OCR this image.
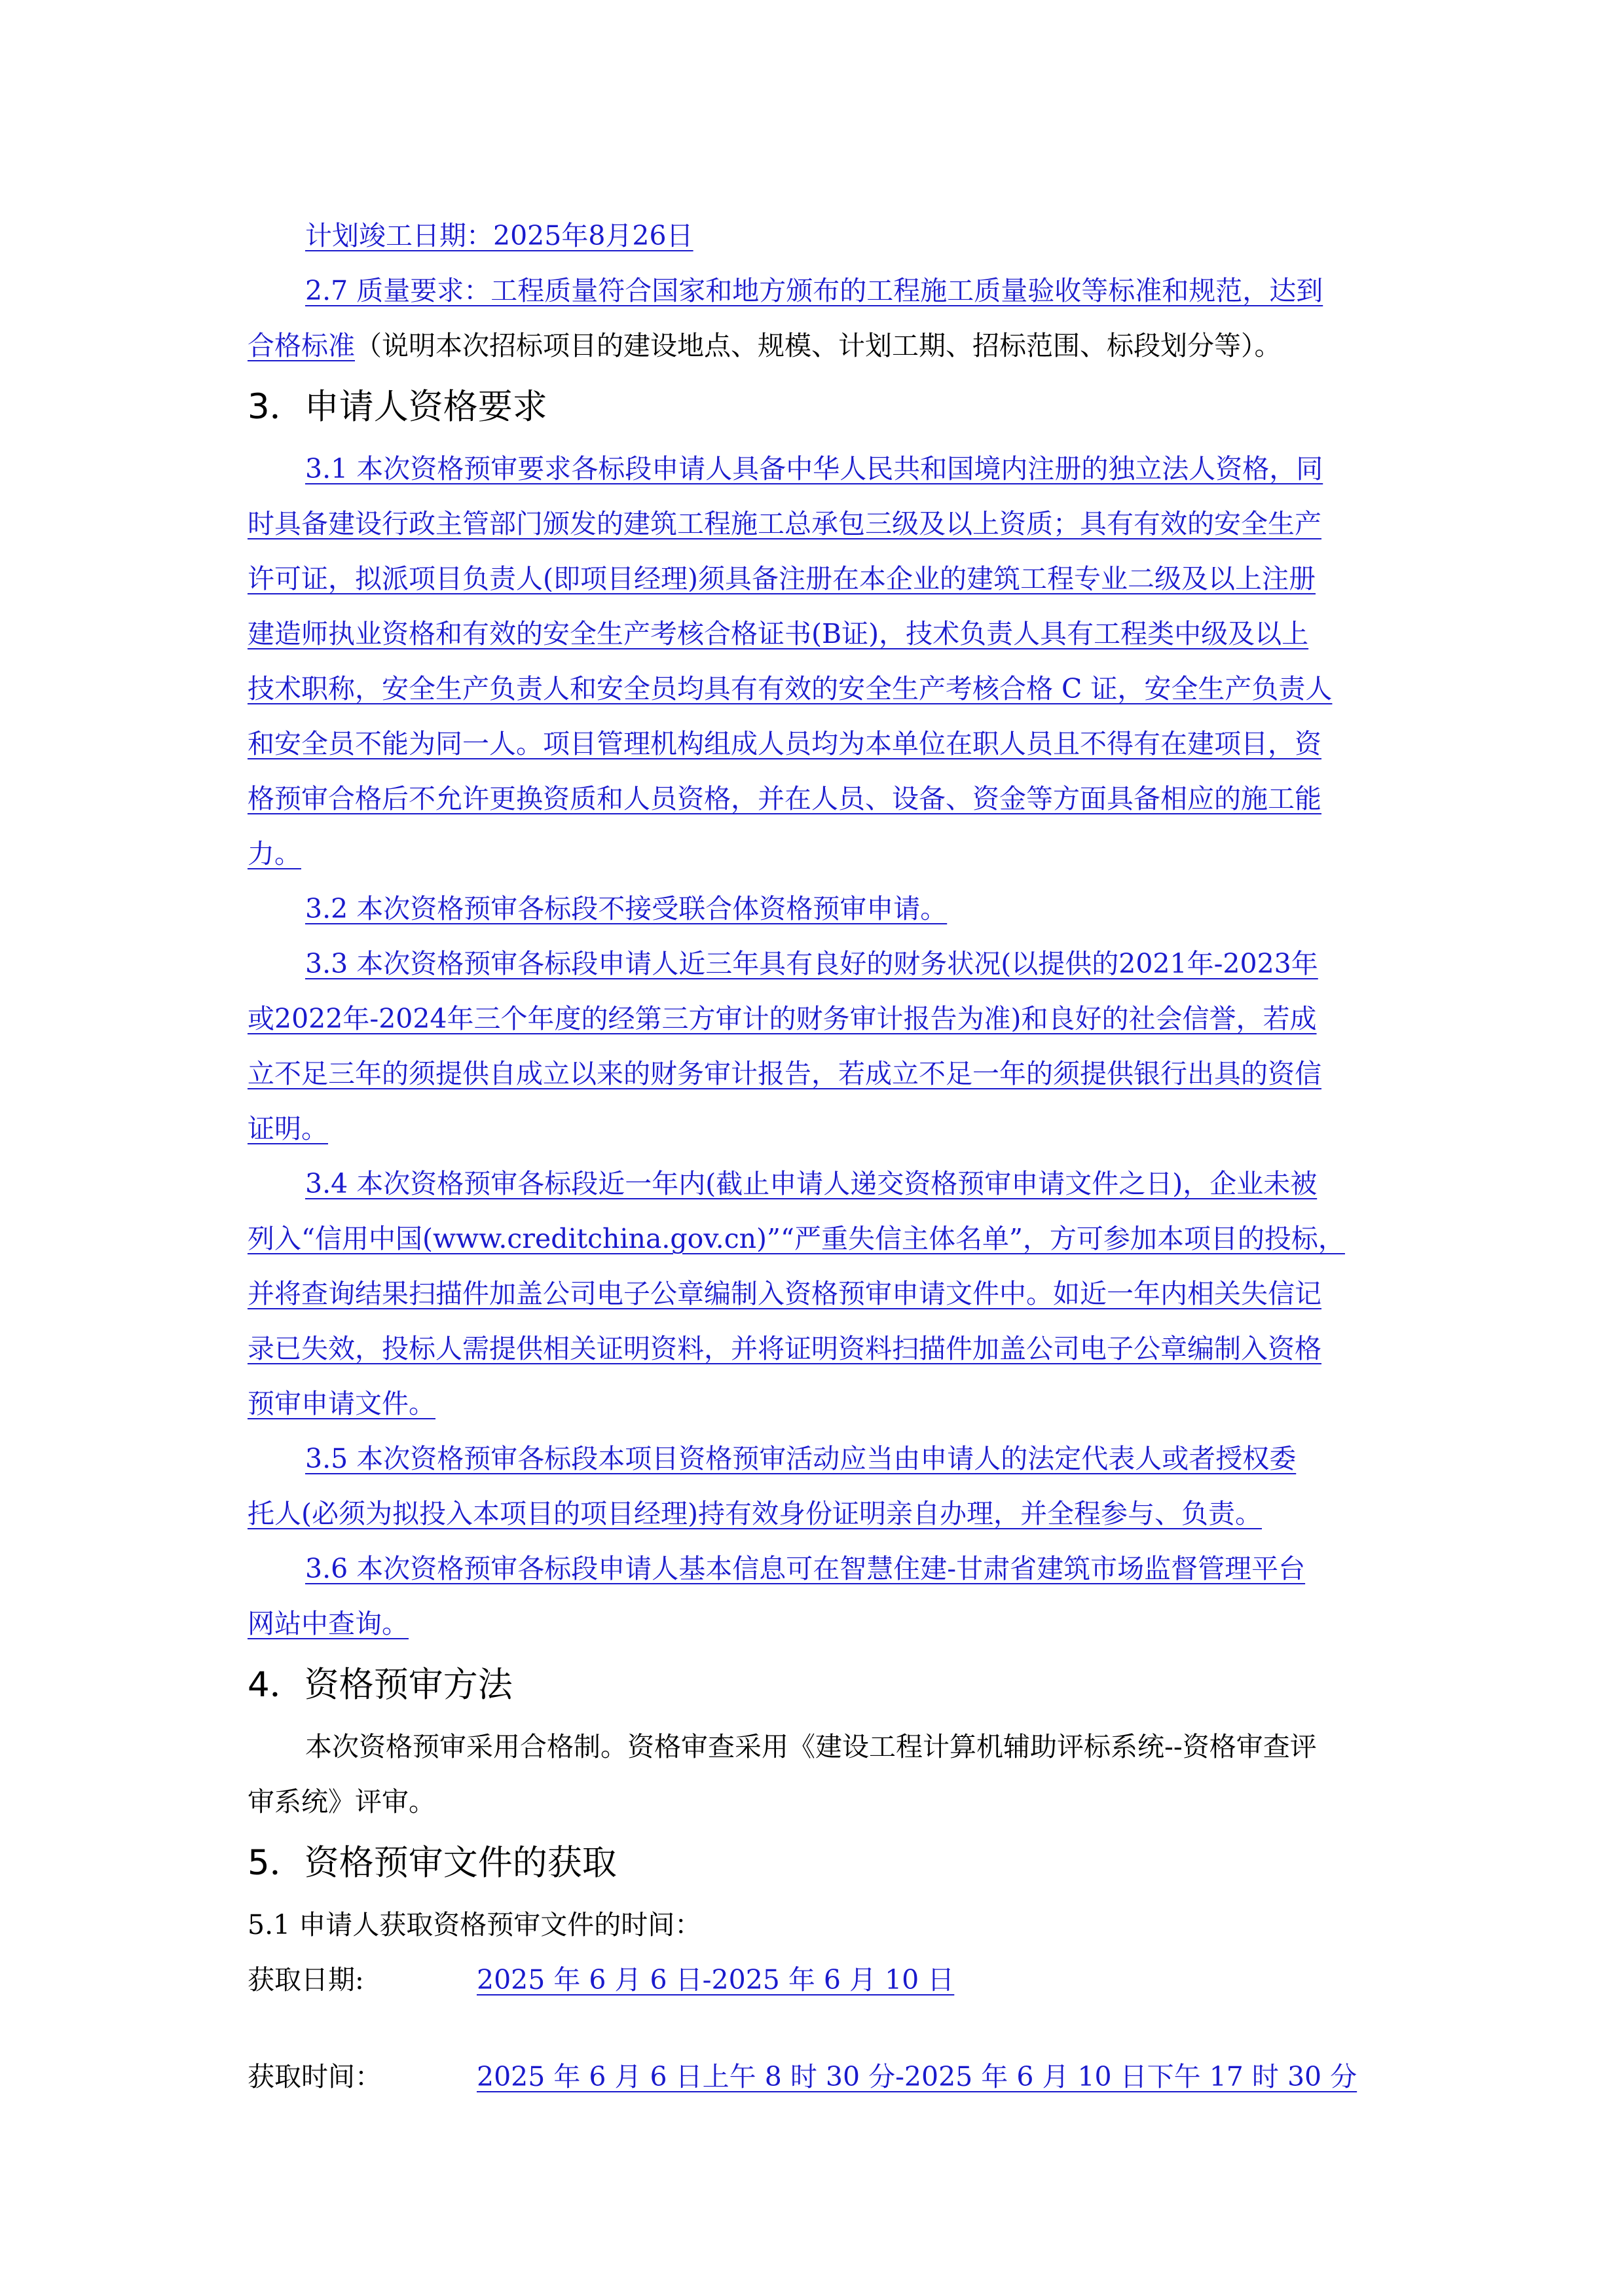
计划竣工日期：2025年8月26日
2.7 质量要求：工程质量符合国家和地方颁布的工程施工质量验收等标准和规范，达到
合格标准（说明本次招标项目的建设地点、规模、计划工期、招标范围、标段划分等）。
3．申请人资格要求
3.1 本次资格预审要求各标段申请人具备中华人民共和国境内注册的独立法人资格，同
时具备建设行政主管部门颁发的建筑工程施工总承包三级及以上资质；具有有效的安全生产
许可证，拟派项目负责人(即项目经理)须具备注册在本企业的建筑工程专业二级及以上注册
建造师执业资格和有效的安全生产考核合格证书(B证)，技术负责人具有工程类中级及以上
技术职称，安全生产负责人和安全员均具有有效的安全生产考核合格 C 证，安全生产负责人
和安全员不能为同一人。项目管理机构组成人员均为本单位在职人员且不得有在建项目，资
格预审合格后不允许更换资质和人员资格，并在人员、设备、资金等方面具备相应的施工能
力。
3.2 本次资格预审各标段不接受联合体资格预审申请。
3.3 本次资格预审各标段申请人近三年具有良好的财务状况(以提供的2021年-2023年
或2022年-2024年三个年度的经第三方审计的财务审计报告为准)和良好的社会信誉，若成
立不足三年的须提供自成立以来的财务审计报告，若成立不足一年的须提供银行出具的资信
证明。
3.4 本次资格预审各标段近一年内(截止申请人递交资格预审申请文件之日)，企业未被
列入“信用中国(www.creditchina.gov.cn)”“严重失信主体名单”，方可参加本项目的投标，
并将查询结果扫描件加盖公司电子公章编制入资格预审申请文件中。如近一年内相关失信记
录已失效，投标人需提供相关证明资料，并将证明资料扫描件加盖公司电子公章编制入资格
预审申请文件。
3.5 本次资格预审各标段本项目资格预审活动应当由申请人的法定代表人或者授权委
托人(必须为拟投入本项目的项目经理)持有效身份证明亲自办理，并全程参与、负责。
3.6 本次资格预审各标段申请人基本信息可在智慧住建-甘肃省建筑市场监督管理平台
网站中查询。
4．资格预审方法
本次资格预审采用合格制。资格审查采用《建设工程计算机辅助评标系统--资格审查评
审系统》评审。
5．资格预审文件的获取
5.1 申请人获取资格预审文件的时间：
获取日期:	2025 年 6 月 6 日-2025 年 6 月 10 日
获取时间：	2025 年 6 月 6 日上午 8 时 30 分-2025 年 6 月 10 日下午 17 时 30 分
